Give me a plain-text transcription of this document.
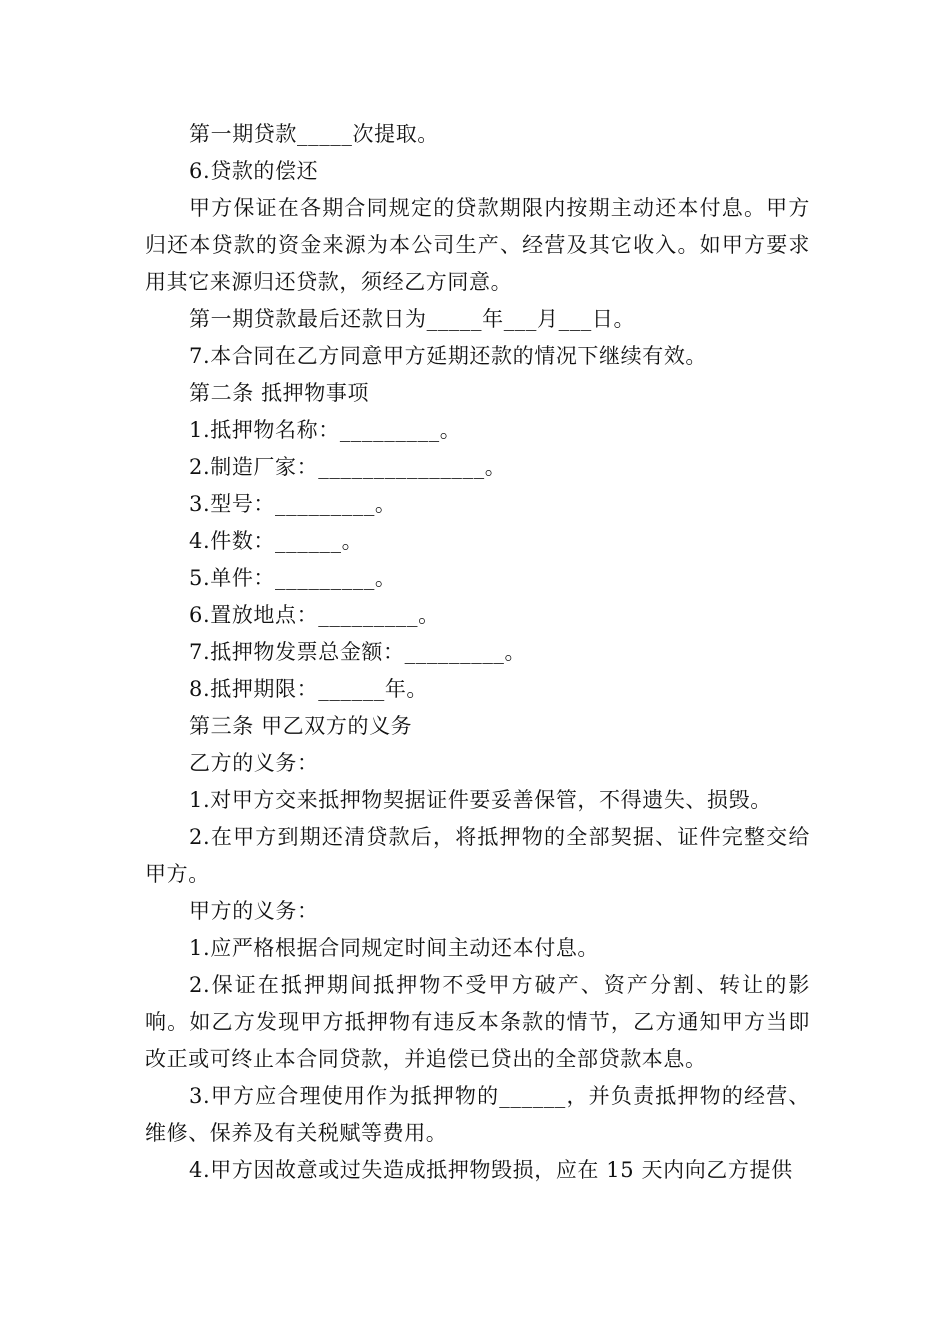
第一期贷款_____次提取。

6.贷款的偿还

甲方保证在各期合同规定的贷款期限内按期主动还本付息。甲方归还本贷款的资金来源为本公司生产、经营及其它收入。如甲方要求用其它来源归还贷款，须经乙方同意。

第一期贷款最后还款日为_____年___月___日。

7.本合同在乙方同意甲方延期还款的情况下继续有效。

第二条 抵押物事项

1.抵押物名称：_________。

2.制造厂家：_______________。

3.型号：_________。

4.件数：______。

5.单件：_________。

6.置放地点：_________。

7.抵押物发票总金额：_________。

8.抵押期限：______年。

第三条 甲乙双方的义务

乙方的义务：

1.对甲方交来抵押物契据证件要妥善保管，不得遗失、损毁。

2.在甲方到期还清贷款后，将抵押物的全部契据、证件完整交给甲方。

甲方的义务：

1.应严格根据合同规定时间主动还本付息。

2.保证在抵押期间抵押物不受甲方破产、资产分割、转让的影响。如乙方发现甲方抵押物有违反本条款的情节，乙方通知甲方当即改正或可终止本合同贷款，并追偿已贷出的全部贷款本息。

3.甲方应合理使用作为抵押物的______，并负责抵押物的经营、维修、保养及有关税赋等费用。

4.甲方因故意或过失造成抵押物毁损，应在 15 天内向乙方提供
